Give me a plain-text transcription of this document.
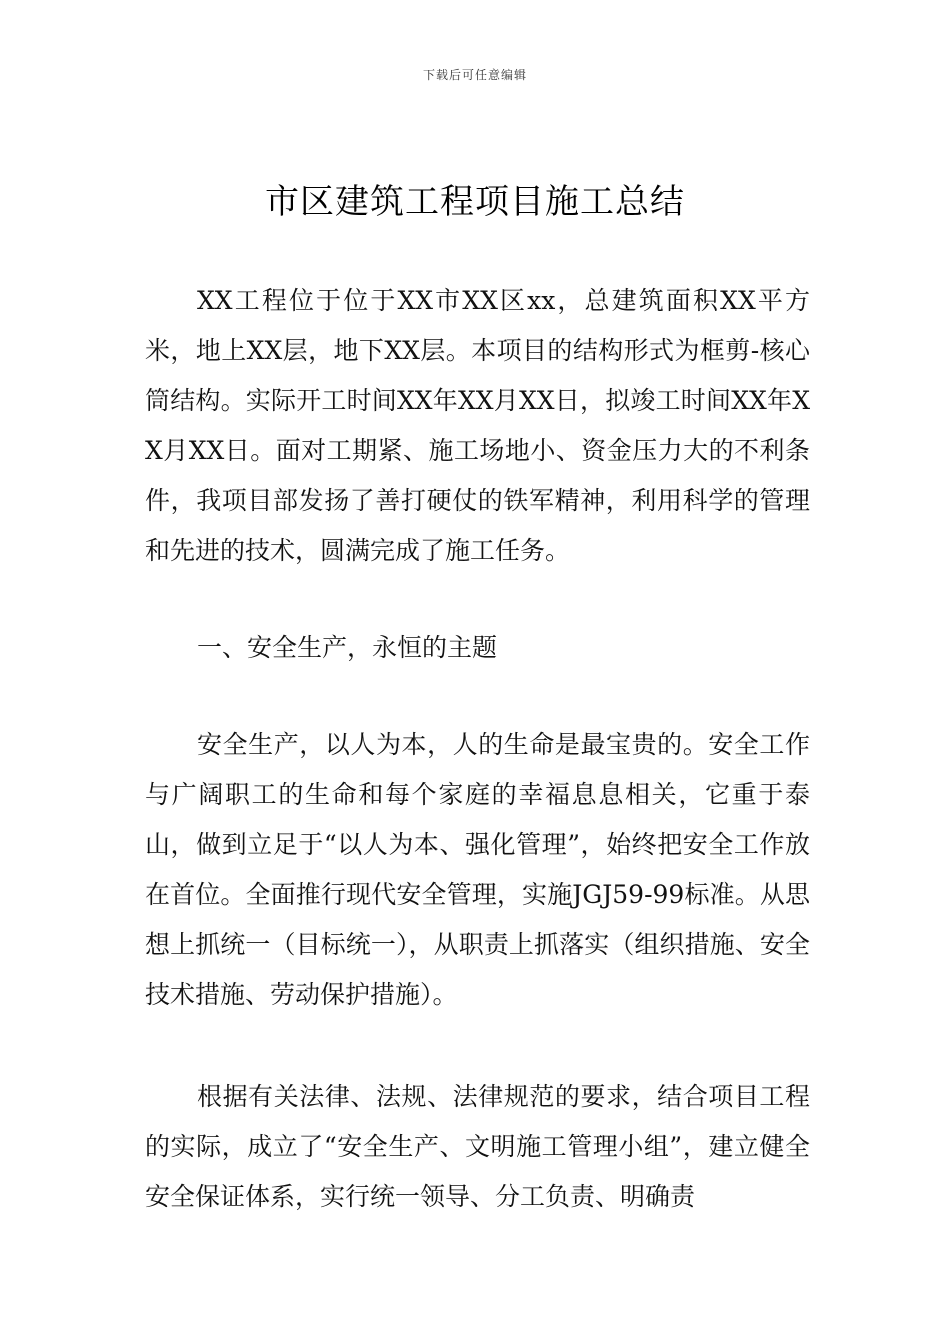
下载后可任意编辑
市区建筑工程项目施工总结

XX工程位于位于XX市XX区xx，总建筑面积XX平方米，地上XX层，地下XX层。本项目的结构形式为框剪-核心筒结构。实际开工时间XX年XX月XX日，拟竣工时间XX年XX月XX日。面对工期紧、施工场地小、资金压力大的不利条件，我项目部发扬了善打硬仗的铁军精神，利用科学的管理和先进的技术，圆满完成了施工任务。

一、安全生产，永恒的主题

安全生产，以人为本，人的生命是最宝贵的。安全工作与广阔职工的生命和每个家庭的幸福息息相关，它重于泰山，做到立足于“以人为本、强化管理”，始终把安全工作放在首位。全面推行现代安全管理，实施JGJ59-99标准。从思想上抓统一（目标统一），从职责上抓落实（组织措施、安全技术措施、劳动保护措施）。

根据有关法律、法规、法律规范的要求，结合项目工程的实际，成立了“安全生产、文明施工管理小组”，建立健全安全保证体系，实行统一领导、分工负责、明确责
